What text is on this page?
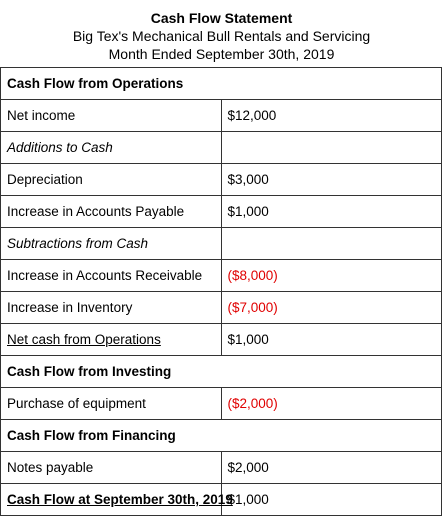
Cash Flow Statement
Big Tex's Mechanical Bull Rentals and Servicing
Month Ended September 30th, 2019
Cash Flow from Operations	
Net income	$12,000
Additions to Cash	
Depreciation	$3,000
Increase in Accounts Payable	$1,000
Subtractions from Cash	
Increase in Accounts Receivable	($8,000)
Increase in Inventory	($7,000)
Net cash from Operations	$1,000
Cash Flow from Investing	
Purchase of equipment	($2,000)
Cash Flow from Financing	
Notes payable	$2,000
Cash Flow at September 30th, 2019	$1,000
